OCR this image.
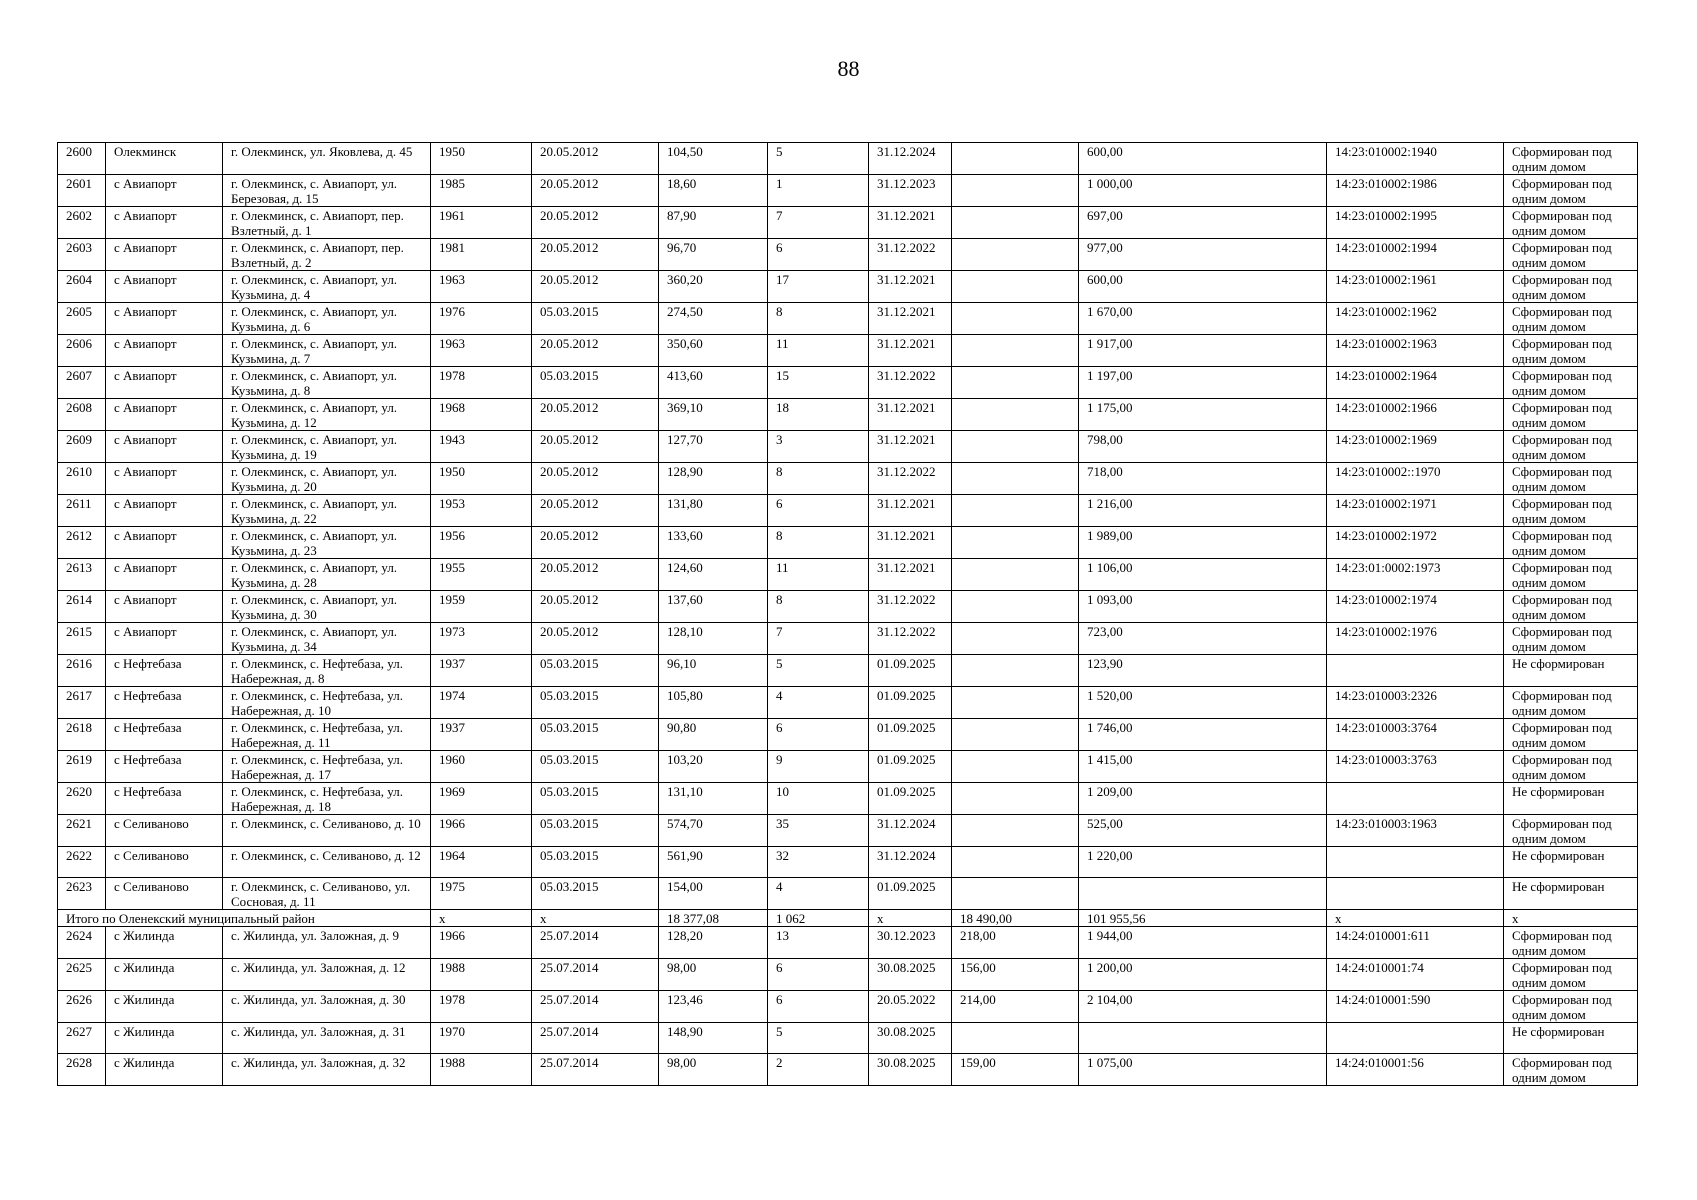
88
2600	Олекминск	г. Олекминск, ул. Яковлева, д. 45	1950	20.05.2012	104,50	5	31.12.2024		600,00	14:23:010002:1940	Сформирован под одним домом
2601	с Авиапорт	г. Олекминск, с. Авиапорт, ул. Березовая, д. 15	1985	20.05.2012	18,60	1	31.12.2023		1 000,00	14:23:010002:1986	Сформирован под одним домом
2602	с Авиапорт	г. Олекминск, с. Авиапорт, пер. Взлетный, д. 1	1961	20.05.2012	87,90	7	31.12.2021		697,00	14:23:010002:1995	Сформирован под одним домом
2603	с Авиапорт	г. Олекминск, с. Авиапорт, пер. Взлетный, д. 2	1981	20.05.2012	96,70	6	31.12.2022		977,00	14:23:010002:1994	Сформирован под одним домом
2604	с Авиапорт	г. Олекминск, с. Авиапорт, ул. Кузьмина, д. 4	1963	20.05.2012	360,20	17	31.12.2021		600,00	14:23:010002:1961	Сформирован под одним домом
2605	с Авиапорт	г. Олекминск, с. Авиапорт, ул. Кузьмина, д. 6	1976	05.03.2015	274,50	8	31.12.2021		1 670,00	14:23:010002:1962	Сформирован под одним домом
2606	с Авиапорт	г. Олекминск, с. Авиапорт, ул. Кузьмина, д. 7	1963	20.05.2012	350,60	11	31.12.2021		1 917,00	14:23:010002:1963	Сформирован под одним домом
2607	с Авиапорт	г. Олекминск, с. Авиапорт, ул. Кузьмина, д. 8	1978	05.03.2015	413,60	15	31.12.2022		1 197,00	14:23:010002:1964	Сформирован под одним домом
2608	с Авиапорт	г. Олекминск, с. Авиапорт, ул. Кузьмина, д. 12	1968	20.05.2012	369,10	18	31.12.2021		1 175,00	14:23:010002:1966	Сформирован под одним домом
2609	с Авиапорт	г. Олекминск, с. Авиапорт, ул. Кузьмина, д. 19	1943	20.05.2012	127,70	3	31.12.2021		798,00	14:23:010002:1969	Сформирован под одним домом
2610	с Авиапорт	г. Олекминск, с. Авиапорт, ул. Кузьмина, д. 20	1950	20.05.2012	128,90	8	31.12.2022		718,00	14:23:010002::1970	Сформирован под одним домом
2611	с Авиапорт	г. Олекминск, с. Авиапорт, ул. Кузьмина, д. 22	1953	20.05.2012	131,80	6	31.12.2021		1 216,00	14:23:010002:1971	Сформирован под одним домом
2612	с Авиапорт	г. Олекминск, с. Авиапорт, ул. Кузьмина, д. 23	1956	20.05.2012	133,60	8	31.12.2021		1 989,00	14:23:010002:1972	Сформирован под одним домом
2613	с Авиапорт	г. Олекминск, с. Авиапорт, ул. Кузьмина, д. 28	1955	20.05.2012	124,60	11	31.12.2021		1 106,00	14:23:01:0002:1973	Сформирован под одним домом
2614	с Авиапорт	г. Олекминск, с. Авиапорт, ул. Кузьмина, д. 30	1959	20.05.2012	137,60	8	31.12.2022		1 093,00	14:23:010002:1974	Сформирован под одним домом
2615	с Авиапорт	г. Олекминск, с. Авиапорт, ул. Кузьмина, д. 34	1973	20.05.2012	128,10	7	31.12.2022		723,00	14:23:010002:1976	Сформирован под одним домом
2616	с Нефтебаза	г. Олекминск, с. Нефтебаза, ул. Набережная, д. 8	1937	05.03.2015	96,10	5	01.09.2025		123,90		Не сформирован
2617	с Нефтебаза	г. Олекминск, с. Нефтебаза, ул. Набережная, д. 10	1974	05.03.2015	105,80	4	01.09.2025		1 520,00	14:23:010003:2326	Сформирован под одним домом
2618	с Нефтебаза	г. Олекминск, с. Нефтебаза, ул. Набережная, д. 11	1937	05.03.2015	90,80	6	01.09.2025		1 746,00	14:23:010003:3764	Сформирован под одним домом
2619	с Нефтебаза	г. Олекминск, с. Нефтебаза, ул. Набережная, д. 17	1960	05.03.2015	103,20	9	01.09.2025		1 415,00	14:23:010003:3763	Сформирован под одним домом
2620	с Нефтебаза	г. Олекминск, с. Нефтебаза, ул. Набережная, д. 18	1969	05.03.2015	131,10	10	01.09.2025		1 209,00		Не сформирован
2621	с Селиваново	г. Олекминск, с. Селиваново, д. 10	1966	05.03.2015	574,70	35	31.12.2024		525,00	14:23:010003:1963	Сформирован под одним домом
2622	с Селиваново	г. Олекминск, с. Селиваново, д. 12	1964	05.03.2015	561,90	32	31.12.2024		1 220,00		Не сформирован
2623	с Селиваново	г. Олекминск, с. Селиваново, ул. Сосновая, д. 11	1975	05.03.2015	154,00	4	01.09.2025				Не сформирован
Итого по Оленекский муниципальный район			х	х	18 377,08	1 062	х	18 490,00	101 955,56	х	х
2624	с Жилинда	с. Жилинда, ул. Заложная, д. 9	1966	25.07.2014	128,20	13	30.12.2023	218,00	1 944,00	14:24:010001:611	Сформирован под одним домом
2625	с Жилинда	с. Жилинда, ул. Заложная, д. 12	1988	25.07.2014	98,00	6	30.08.2025	156,00	1 200,00	14:24:010001:74	Сформирован под одним домом
2626	с Жилинда	с. Жилинда, ул. Заложная, д. 30	1978	25.07.2014	123,46	6	20.05.2022	214,00	2 104,00	14:24:010001:590	Сформирован под одним домом
2627	с Жилинда	с. Жилинда, ул. Заложная, д. 31	1970	25.07.2014	148,90	5	30.08.2025				Не сформирован
2628	с Жилинда	с. Жилинда, ул. Заложная, д. 32	1988	25.07.2014	98,00	2	30.08.2025	159,00	1 075,00	14:24:010001:56	Сформирован под одним домом
